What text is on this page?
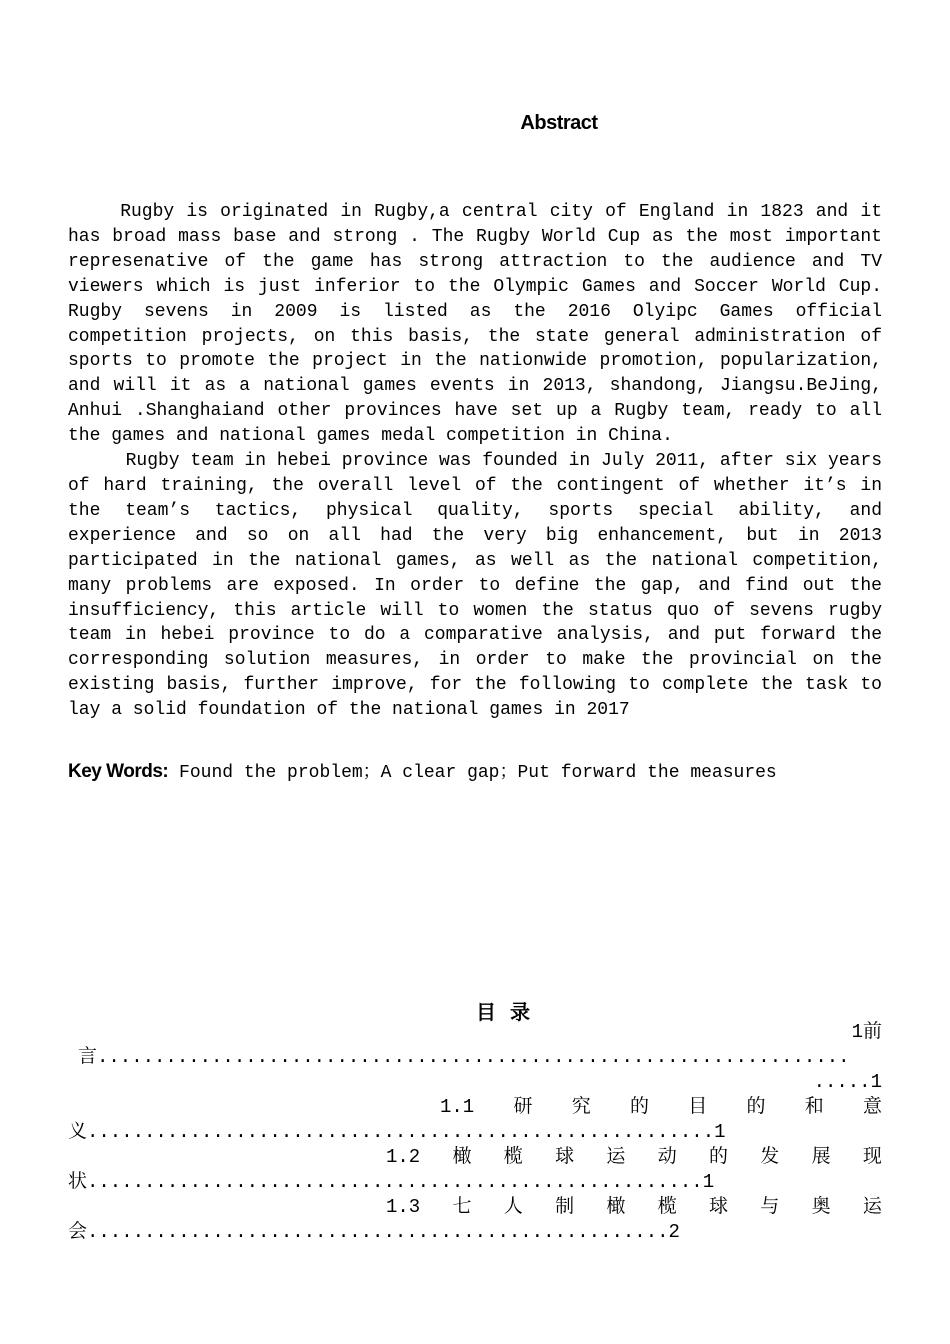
Abstract

Rugby is originated in Rugby,a central city of England in 1823 and it has broad mass base and strong . The Rugby World Cup as the most important represenative of the game has strong attraction to the audience and TV viewers which is just inferior to the Olympic Games and Soccer World Cup. Rugby sevens in 2009 is listed as the 2016 Olyipc Games official competition projects, on this basis, the state general administration of sports to promote the project in the nationwide promotion, popularization, and will it as a national games events in 2013, shandong, Jiangsu.BeJing, Anhui .Shanghaiand other provinces have set up a Rugby team, ready to all the games and national games medal competition in China.

Rugby team in hebei province was founded in July 2011, after six years of hard training, the overall level of the contingent of whether it’s in the team’s tactics, physical quality, sports special ability, and experience and so on all had the very big enhancement, but in 2013 participated in the national games, as well as the national competition, many problems are exposed. In order to define the gap, and find out the insufficiency, this article will to women the status quo of sevens rugby team in hebei province to do a comparative analysis, and put forward the corresponding solution measures, in order to make the provincial on the existing basis, further improve, for the following to complete the task to lay a solid foundation of the national games in 2017

Key Words: Found the problem；A clear gap；Put forward the measures
目录
1前
言..................................................................
.....1
1.1 研 究 的 目 的 和 意
义.......................................................1
1.2 橄 榄 球 运 动 的 发 展 现
状......................................................1
1.3 七 人 制 橄 榄 球 与 奥 运
会...................................................2
